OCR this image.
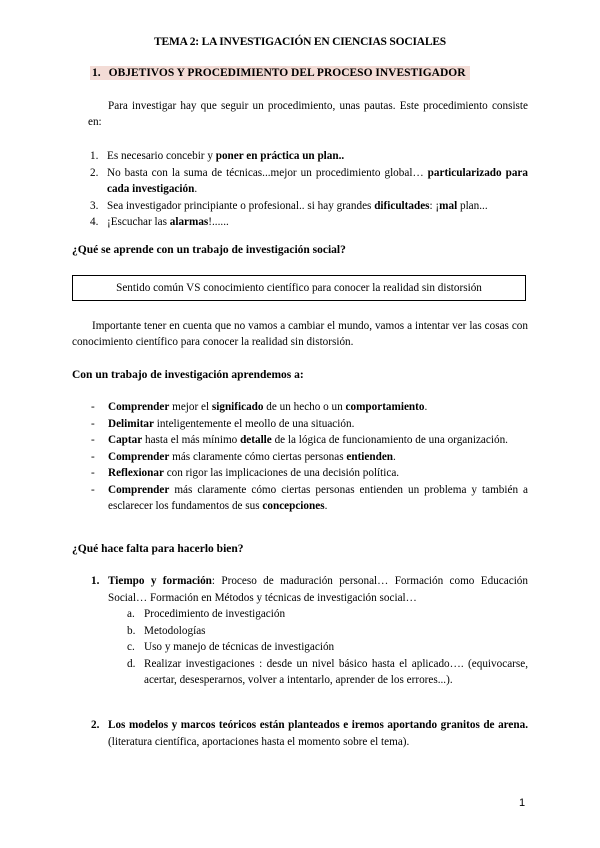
TEMA 2: LA INVESTIGACIÓN EN CIENCIAS SOCIALES
1. OBJETIVOS Y PROCEDIMIENTO DEL PROCESO INVESTIGADOR
Para investigar hay que seguir un procedimiento, unas pautas. Este procedimiento consiste en:
1. Es necesario concebir y poner en práctica un plan..
2. No basta con la suma de técnicas...mejor un procedimiento global… particularizado para cada investigación.
3. Sea investigador principiante o profesional.. si hay grandes dificultades: ¡mal plan...
4. ¡Escuchar las alarmas!......
¿Qué se aprende con un trabajo de investigación social?
Sentido común VS conocimiento científico para conocer la realidad sin distorsión
Importante tener en cuenta que no vamos a cambiar el mundo, vamos a intentar ver las cosas con conocimiento científico para conocer la realidad sin distorsión.
Con un trabajo de investigación aprendemos a:
- Comprender mejor el significado de un hecho o un comportamiento.
- Delimitar inteligentemente el meollo de una situación.
- Captar hasta el más mínimo detalle de la lógica de funcionamiento de una organización.
- Comprender más claramente cómo ciertas personas entienden.
- Reflexionar con rigor las implicaciones de una decisión política.
- Comprender más claramente cómo ciertas personas entienden un problema y también a esclarecer los fundamentos de sus concepciones.
¿Qué hace falta para hacerlo bien?
1. Tiempo y formación: Proceso de maduración personal… Formación como Educación Social… Formación en Métodos y técnicas de investigación social…
a. Procedimiento de investigación
b. Metodologías
c. Uso y manejo de técnicas de investigación
d. Realizar investigaciones : desde un nivel básico hasta el aplicado…. (equivocarse, acertar, desesperarnos, volver a intentarlo, aprender de los errores...).
2. Los modelos y marcos teóricos están planteados e iremos aportando granitos de arena. (literatura científica, aportaciones hasta el momento sobre el tema).
1
